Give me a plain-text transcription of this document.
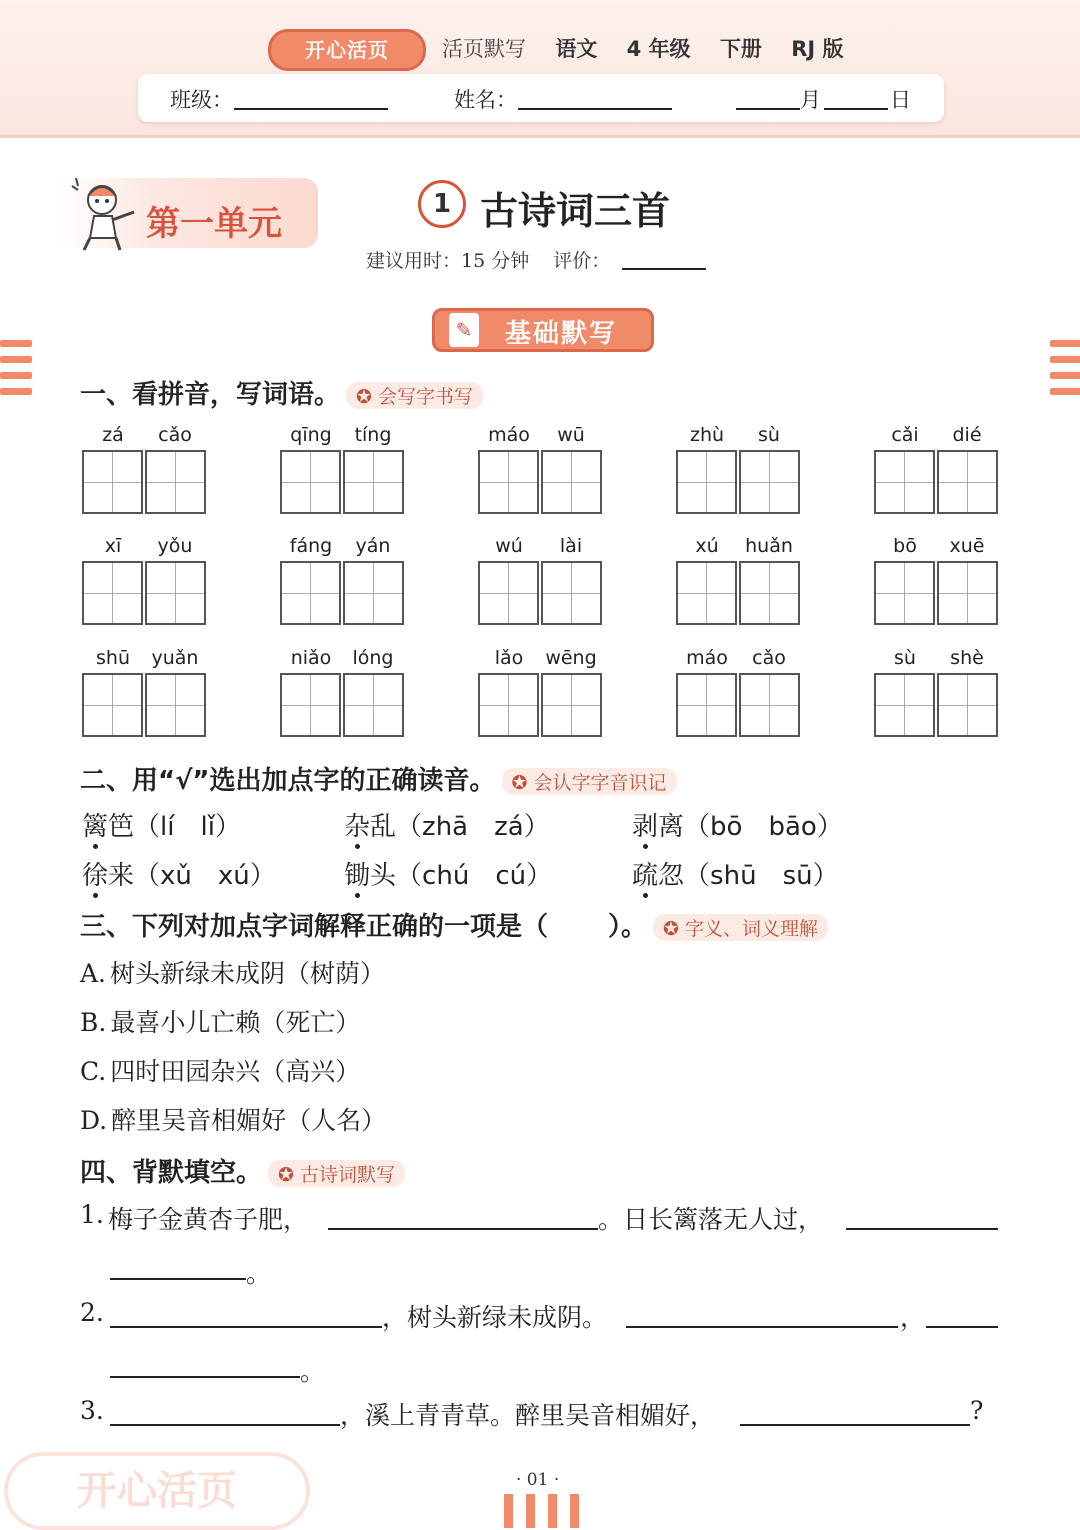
开心活页	活页默写 语文 4 年级 下册 RJ 版
班级：	姓名：	月	日
第一单元	1 古诗词三首
建议用时：15 分钟 评价：
✎ 基础默写
一、看拼音，写词语。 ✪ 会写字书写
zá	cǎo	qīng	tíng	máo	wū	zhù	sù	cǎi	dié
xī	yǒu	fáng	yán	wú	lài	xú	huǎn	bō	xuē
shū	yuǎn	niǎo	lóng	lǎo	wēng	máo	cǎo	sù	shè
二、用“√”选出加点字的正确读音。 ✪ 会认字字音识记
篱笆（lí  lǐ）	杂乱（zhā  zá）	剥离（bō  bāo）
徐来（xǔ  xú）	锄头（chú  cú）	疏忽（shū  sū）
三、下列对加点字词解释正确的一项是（ ）。 ✪ 字义、词义理解
A. 树头新绿未成阴（树荫）
B. 最喜小儿亡赖（死亡）
C. 四时田园杂兴（高兴）
D. 醉里吴音相媚好（人名）
四、背默填空。 ✪ 古诗词默写
1. 梅子金黄杏子肥，	。日长篱落无人过，
。
2.	，树头新绿未成阴。	，
。
3.	，溪上青青草。醉里吴音相媚好，	?
开心活页	· 01 ·
